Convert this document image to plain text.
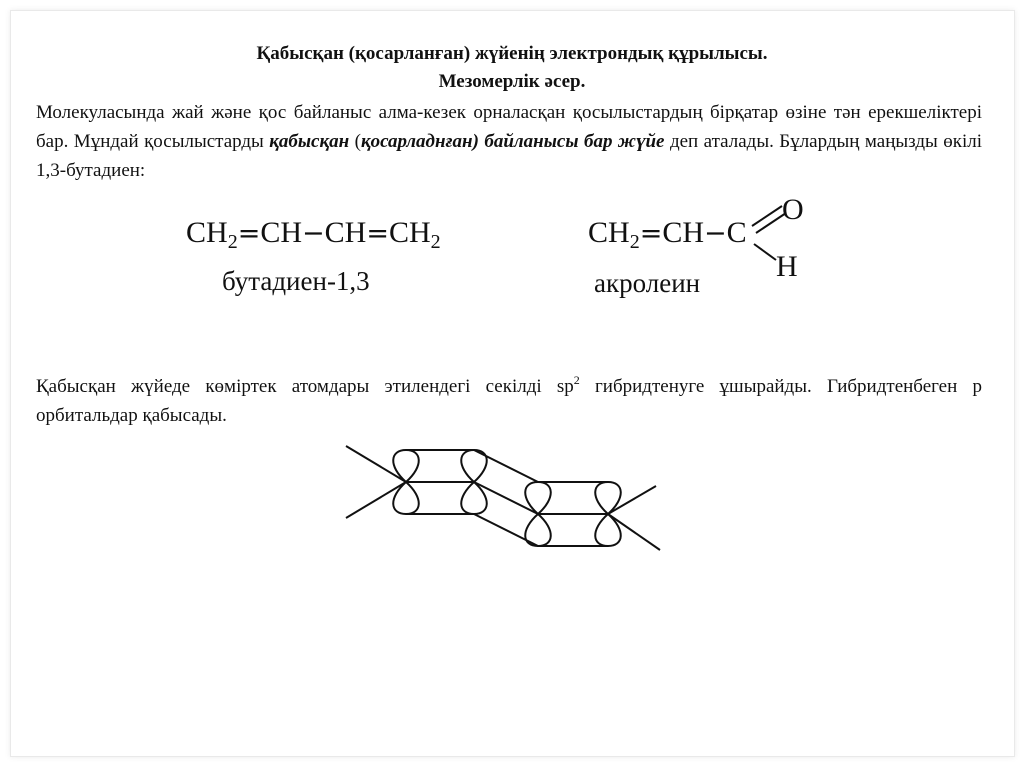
Қабысқан (қосарланған) жүйенің электрондық құрылысы.
Мезомерлік әсер.
Молекуласында жай және қос байланыс алма-кезек орналасқан қосылыстардың бірқатар өзіне тән ерекшеліктері бар. Мұндай қосылыстарды қабысқан (қосарладнған) байланысы бар жүйе деп аталады. Бұлардың маңызды өкілі 1,3-бутадиен:
$CH_2=CH-CH=CH_2$
бутадиен-1,3
$CH_2=CH-C$
O
H
акролеин
Қабысқан жүйеде көміртек атомдары этилендегі секілді $sp^2$ гибридтенуге ұшырайды. Гибридтенбеген p орбитальдар қабысады.
